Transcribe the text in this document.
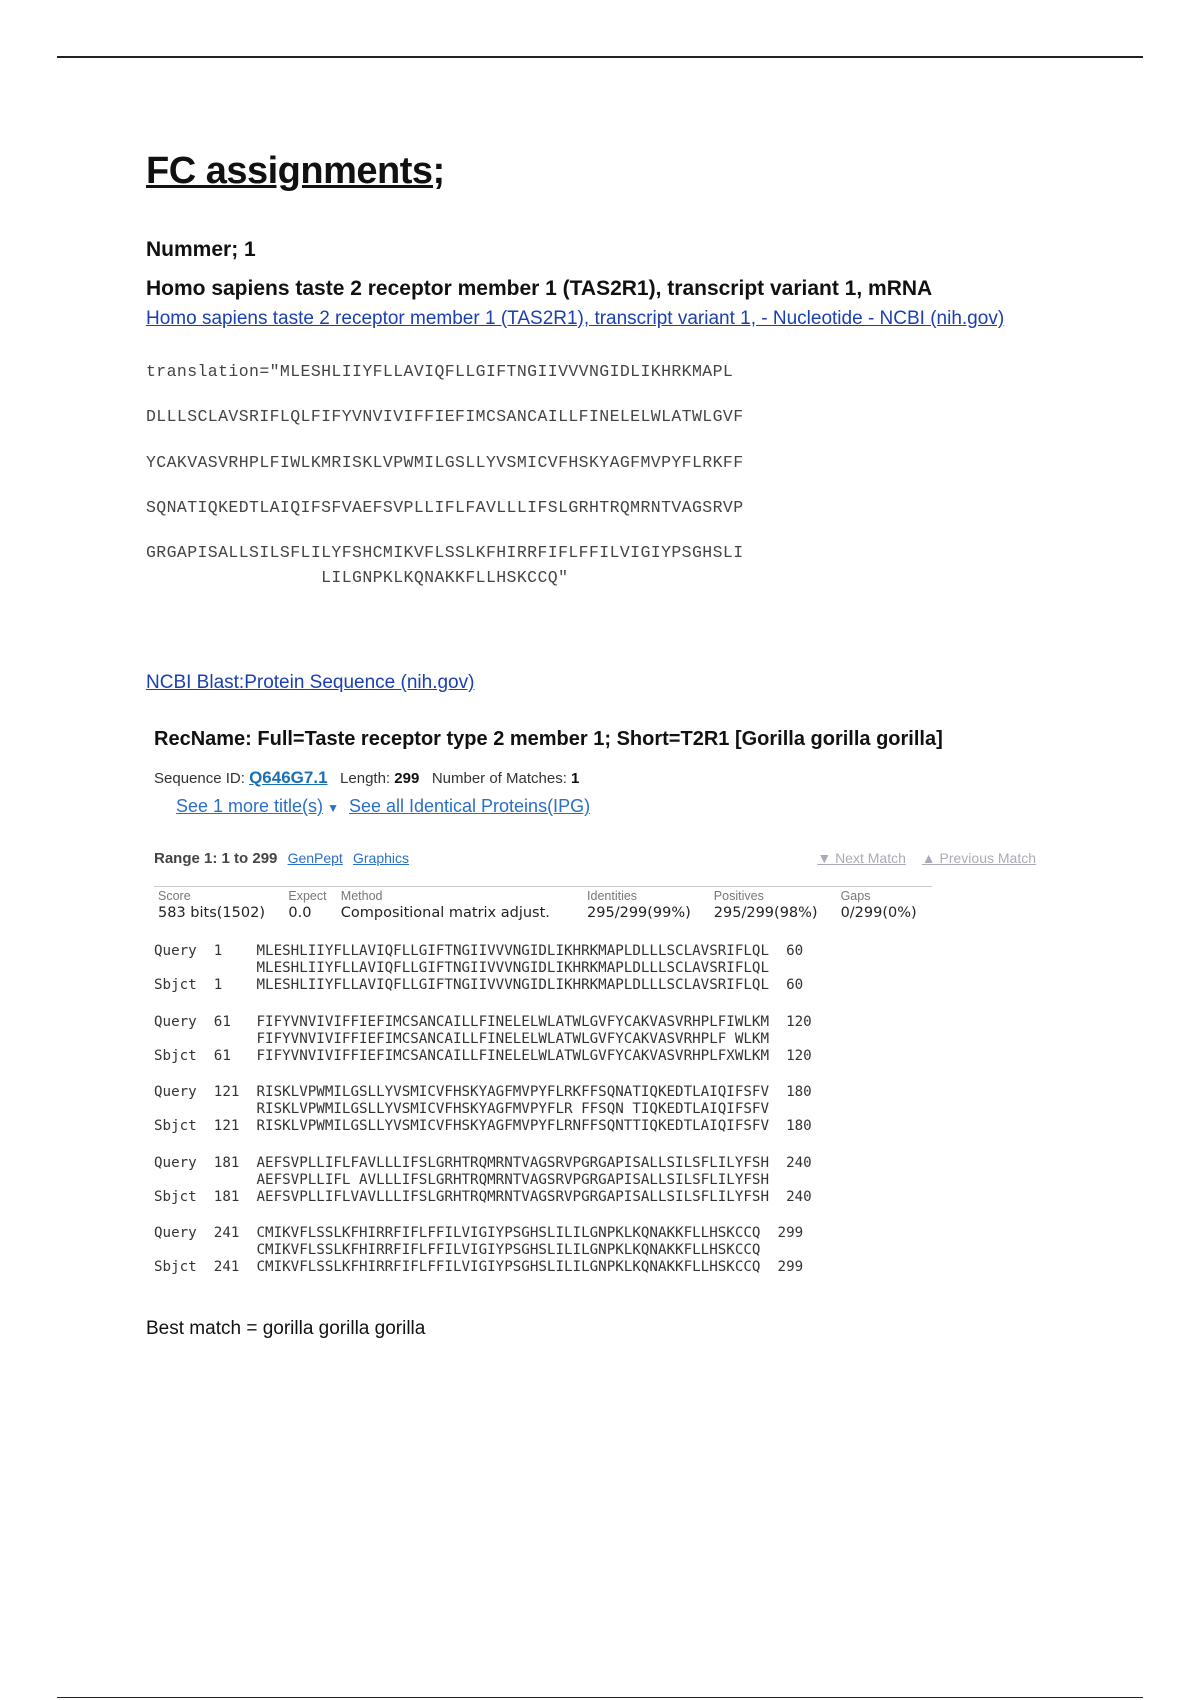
FC assignments;
Nummer; 1
Homo sapiens taste 2 receptor member 1 (TAS2R1), transcript variant 1, mRNA
Homo sapiens taste 2 receptor member 1 (TAS2R1), transcript variant 1, - Nucleotide - NCBI (nih.gov)
translation="MLESHLIIYFLLAVIQFLLGIFTNGIIVVVNGIDLIKHRKMAPL
DLLLSCLAVSRIFLQLFIFYVNVIVIFFIEFIMCSANCAILLFINELELWLATWLGVF
YCAKVASVRHPLFIWLKMRISKLVPWMILGSLLYVSMICVFHSKYAGFMVPYFLRKFF
SQNATIQKEDTLAIQIFSFVAEFSVPLLIFLFAVLLLIFSLGRHTRQMRNTVAGSRVP
GRGAPISALLSILSFLILYFSHCMIKVFLSSLKFHIRRFIFLFFILVIGIYPSGHSLI
LILGNPKLKQNAKKFLLHSKCCQ"
NCBI Blast:Protein Sequence (nih.gov)
RecName: Full=Taste receptor type 2 member 1; Short=T2R1 [Gorilla gorilla gorilla]
Sequence ID: Q646G7.1 Length: 299 Number of Matches: 1
See 1 more title(s) ▼ See all Identical Proteins(IPG)
Range 1: 1 to 299 GenPept Graphics	▼ Next Match ▲ Previous Match
Score	Expect	Method	Identities	Positives	Gaps
583 bits(1502)	0.0	Compositional matrix adjust.	295/299(99%)	295/299(98%)	0/299(0%)
Query  1    MLESHLIIYFLLAVIQFLLGIFTNGIIVVVNGIDLIKHRKMAPLDLLLSCLAVSRIFLQL  60
MLESHLIIYFLLAVIQFLLGIFTNGIIVVVNGIDLIKHRKMAPLDLLLSCLAVSRIFLQL
Sbjct  1    MLESHLIIYFLLAVIQFLLGIFTNGIIVVVNGIDLIKHRKMAPLDLLLSCLAVSRIFLQL  60
Query  61   FIFYVNVIVIFFIEFIMCSANCAILLFINELELWLATWLGVFYCAKVASVRHPLFIWLKM  120
FIFYVNVIVIFFIEFIMCSANCAILLFINELELWLATWLGVFYCAKVASVRHPLF WLKM
Sbjct  61   FIFYVNVIVIFFIEFIMCSANCAILLFINELELWLATWLGVFYCAKVASVRHPLFXWLKM  120
Query  121  RISKLVPWMILGSLLYVSMICVFHSKYAGFMVPYFLRKFFSQNATIQKEDTLAIQIFSFV  180
RISKLVPWMILGSLLYVSMICVFHSKYAGFMVPYFLR FFSQN TIQKEDTLAIQIFSFV
Sbjct  121  RISKLVPWMILGSLLYVSMICVFHSKYAGFMVPYFLRNFFSQNTTIQKEDTLAIQIFSFV  180
Query  181  AEFSVPLLIFLFAVLLLIFSLGRHTRQMRNTVAGSRVPGRGAPISALLSILSFLILYFSH  240
AEFSVPLLIFL AVLLLIFSLGRHTRQMRNTVAGSRVPGRGAPISALLSILSFLILYFSH
Sbjct  181  AEFSVPLLIFLVAVLLLIFSLGRHTRQMRNTVAGSRVPGRGAPISALLSILSFLILYFSH  240
Query  241  CMIKVFLSSLKFHIRRFIFLFFILVIGIYPSGHSLILILGNPKLKQNAKKFLLHSKCCQ  299
CMIKVFLSSLKFHIRRFIFLFFILVIGIYPSGHSLILILGNPKLKQNAKKFLLHSKCCQ
Sbjct  241  CMIKVFLSSLKFHIRRFIFLFFILVIGIYPSGHSLILILGNPKLKQNAKKFLLHSKCCQ  299
Best match = gorilla gorilla gorilla
